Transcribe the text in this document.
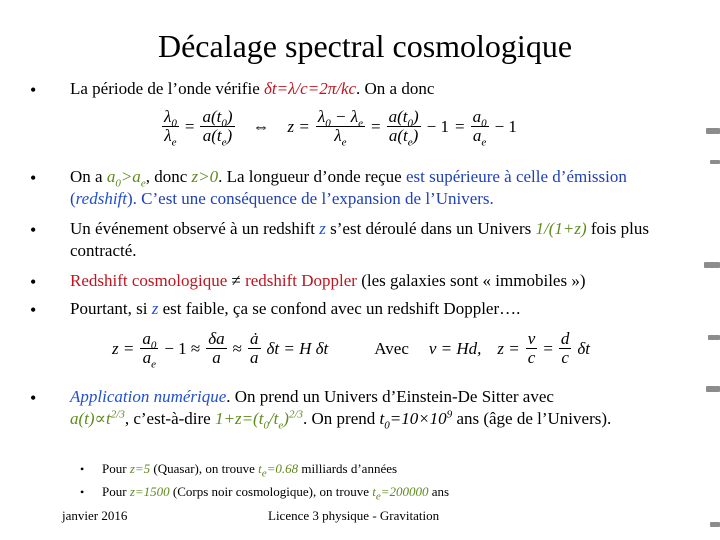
Décalage spectral cosmologique
• La période de l’onde vérifie δt=λ/c=2π/kc. On a donc
$\frac{\lambda_0}{\lambda_e} = \frac{a(t_0)}{a(t_e)}$ ⇔ $z = \frac{\lambda_0 - \lambda_e}{\lambda_e} = \frac{a(t_0)}{a(t_e)} - 1 = \frac{a_0}{a_e} - 1$
• On a $a_0>a_e$, donc z>0. La longueur d’onde reçue est supérieure à celle d’émission (redshift). C’est une conséquence de l’expansion de l’Univers.
• Un événement observé à un redshift z s’est déroulé dans un Univers 1/(1+z) fois plus contracté.
• Redshift cosmologique ≠ redshift Doppler (les galaxies sont « immobiles »)
• Pourtant, si z est faible, ça se confond avec un redshift Doppler….
$z = \frac{a_0}{a_e} - 1 \approx \frac{\delta a}{a} \approx \frac{ȧ}{a}$ δt = H δt	Avec v = Hd, $z = \frac{v}{c} = \frac{d}{c}$ δt
• Application numérique. On prend un Univers d’Einstein-De Sitter avec
$a(t)\propto t^{2/3}$, c’est-à-dire $1+z=(t_0/t_e)^{2/3}$. On prend $t_0=10\times 10^9$ ans (âge de l’Univers).
• Pour z=5 (Quasar), on trouve $t_e=0.68$ milliards d’années
• Pour z=1500 (Corps noir cosmologique), on trouve $t_e=200000$ ans
janvier 2016	Licence 3 physique - Gravitation
